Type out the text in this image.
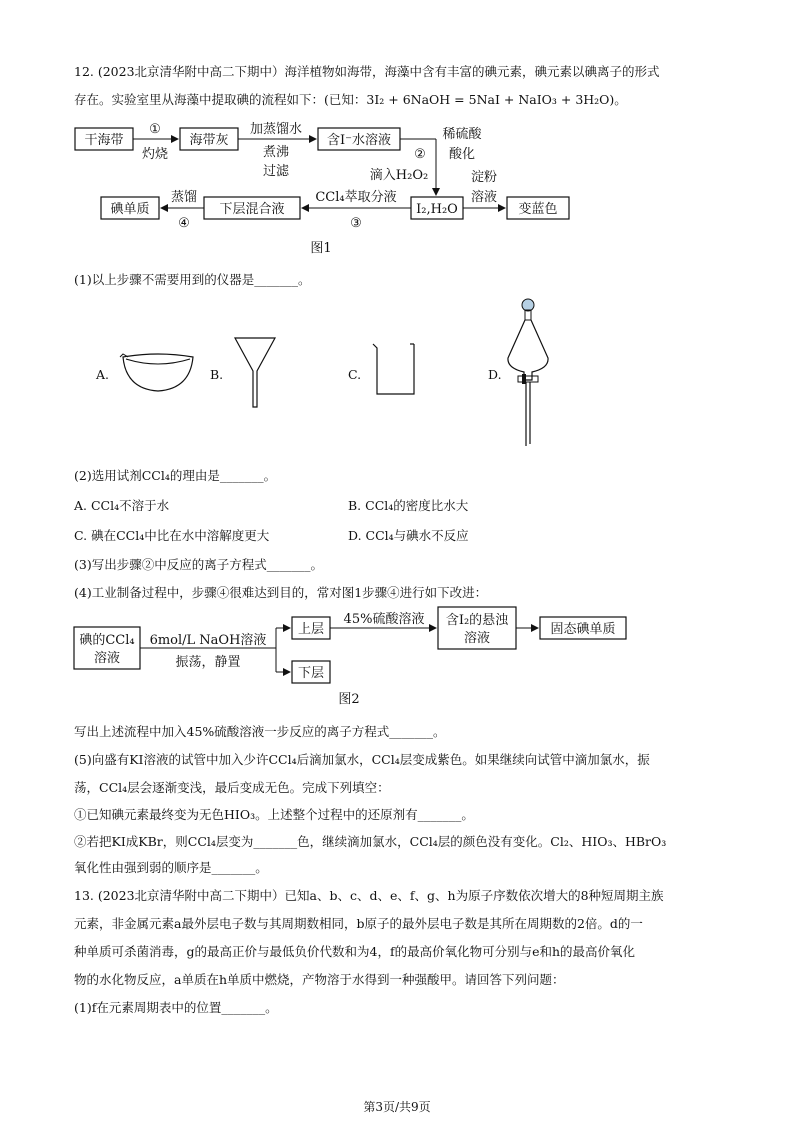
12. (2023北京清华附中高二下期中）海洋植物如海带，海藻中含有丰富的碘元素，碘元素以碘离子的形式
存在。实验室里从海藻中提取碘的流程如下：(已知：3I₂ + 6NaOH = 5NaI + NaIO₃ + 3H₂O)。
干海带
①
灼烧
海带灰
加蒸馏水
煮沸
过滤
含I⁻水溶液	稀硫酸
酸化
②
滴入H₂O₂
I₂,H₂O
淀粉
溶液
变蓝色
CCl₄萃取分液
③
下层混合液
蒸馏
④
碘单质
图1
(1)以上步骤不需要用到的仪器是_______。
A.	B.	C.	D.
(2)选用试剂CCl₄的理由是_______。
A. CCl₄不溶于水	B. CCl₄的密度比水大
C. 碘在CCl₄中比在水中溶解度更大	D. CCl₄与碘水不反应
(3)写出步骤②中反应的离子方程式_______。
(4)工业制备过程中，步骤④很难达到目的，常对图1步骤④进行如下改进：
碘的CCl₄
溶液
6mol/L NaOH溶液
振荡，静置
上层
45%硫酸溶液 含I₂的悬浊
溶液
固态碘单质
下层
图2
写出上述流程中加入45%硫酸溶液一步反应的离子方程式_______。
(5)向盛有KI溶液的试管中加入少许CCl₄后滴加氯水，CCl₄层变成紫色。如果继续向试管中滴加氯水，振
荡，CCl₄层会逐渐变浅，最后变成无色。完成下列填空：
①已知碘元素最终变为无色HIO₃。上述整个过程中的还原剂有_______。
②若把KI成KBr，则CCl₄层变为_______色，继续滴加氯水，CCl₄层的颜色没有变化。Cl₂、HIO₃、HBrO₃
氧化性由强到弱的顺序是_______。
13. (2023北京清华附中高二下期中）已知a、b、c、d、e、f、g、h为原子序数依次增大的8种短周期主族
元素，非金属元素a最外层电子数与其周期数相同，b原子的最外层电子数是其所在周期数的2倍。d的一
种单质可杀菌消毒，g的最高正价与最低负价代数和为4，f的最高价氧化物可分别与e和h的最高价氧化
物的水化物反应，a单质在h单质中燃烧，产物溶于水得到一种强酸甲。请回答下列问题：
(1)f在元素周期表中的位置_______。
第3页/共9页
